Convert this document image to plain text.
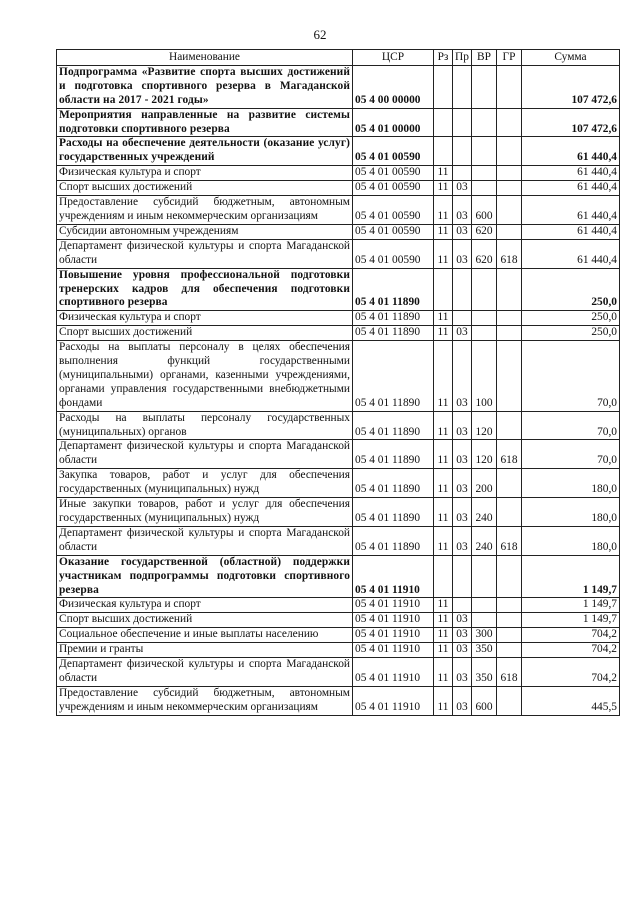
62
Наименование	ЦСР	Рз	Пр	ВР	ГР	Сумма
Подпрограмма «Развитие спорта высших достижений и подготовка спортивного резерва в Магаданской области на 2017 - 2021 годы»	05 4 00 00000					107 472,6
Мероприятия направленные на развитие системы подготовки спортивного резерва	05 4 01 00000					107 472,6
Расходы на обеспечение деятельности (оказание услуг) государственных учреждений	05 4 01 00590					61 440,4
Физическая культура и спорт	05 4 01 00590	11				61 440,4
Спорт высших достижений	05 4 01 00590	11	03			61 440,4
Предоставление субсидий бюджетным, автономным учреждениям и иным некоммерческим организациям	05 4 01 00590	11	03	600		61 440,4
Субсидии автономным учреждениям	05 4 01 00590	11	03	620		61 440,4
Департамент физической культуры и спорта Магаданской области	05 4 01 00590	11	03	620	618	61 440,4
Повышение уровня профессиональной подготовки тренерских кадров для обеспечения подготовки спортивного резерва	05 4 01 11890					250,0
Физическая культура и спорт	05 4 01 11890	11				250,0
Спорт высших достижений	05 4 01 11890	11	03			250,0
Расходы на выплаты персоналу в целях обеспечения выполнения функций государственными (муниципальными) органами, казенными учреждениями, органами управления государственными внебюджетными фондами	05 4 01 11890	11	03	100		70,0
Расходы на выплаты персоналу государственных (муниципальных) органов	05 4 01 11890	11	03	120		70,0
Департамент физической культуры и спорта Магаданской области	05 4 01 11890	11	03	120	618	70,0
Закупка товаров, работ и услуг для обеспечения государственных (муниципальных) нужд	05 4 01 11890	11	03	200		180,0
Иные закупки товаров, работ и услуг для обеспечения государственных (муниципальных) нужд	05 4 01 11890	11	03	240		180,0
Департамент физической культуры и спорта Магаданской области	05 4 01 11890	11	03	240	618	180,0
Оказание государственной (областной) поддержки участникам подпрограммы подготовки спортивного резерва	05 4 01 11910					1 149,7
Физическая культура и спорт	05 4 01 11910	11				1 149,7
Спорт высших достижений	05 4 01 11910	11	03			1 149,7
Социальное обеспечение и иные выплаты населению	05 4 01 11910	11	03	300		704,2
Премии и гранты	05 4 01 11910	11	03	350		704,2
Департамент физической культуры и спорта Магаданской области	05 4 01 11910	11	03	350	618	704,2
Предоставление субсидий бюджетным, автономным учреждениям и иным некоммерческим организациям	05 4 01 11910	11	03	600		445,5
